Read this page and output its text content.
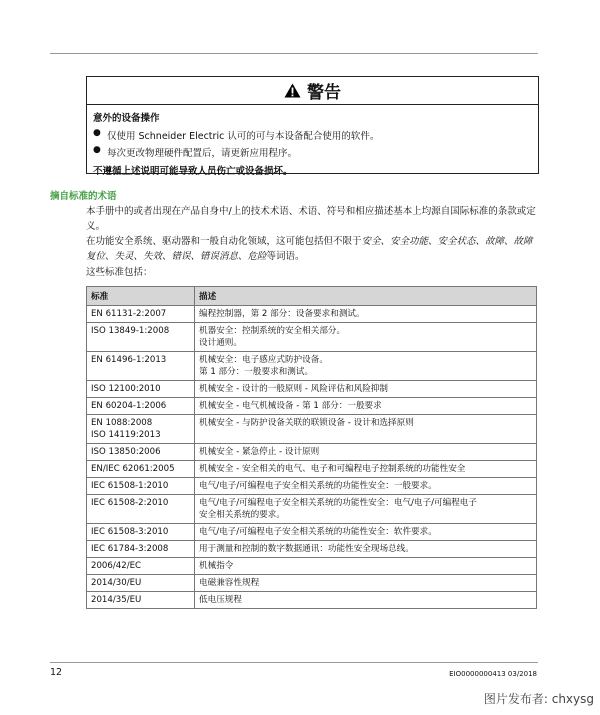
警告
意外的设备操作
● 仅使用 Schneider Electric 认可的可与本设备配合使用的软件。
● 每次更改物理硬件配置后，请更新应用程序。
不遵循上述说明可能导致人员伤亡或设备损坏。
摘自标准的术语
本手册中的或者出现在产品自身中/上的技术术语、术语、符号和相应描述基本上均源自国际标准的条款或定义。
在功能安全系统、驱动器和一般自动化领域，这可能包括但不限于安全、安全功能、安全状态、故障、故障复位、失灵、失效、错误、错误消息、危险等词语。
这些标准包括：
标准	描述
EN 61131-2:2007	编程控制器，第 2 部分：设备要求和测试。
ISO 13849-1:2008	机器安全：控制系统的安全相关部分。
设计通则。
EN 61496-1:2013	机械安全：电子感应式防护设备。
第 1 部分：一般要求和测试。
ISO 12100:2010	机械安全 - 设计的一般原则 - 风险评估和风险抑制
EN 60204-1:2006	机械安全 - 电气机械设备 - 第 1 部分：一般要求
EN 1088:2008
ISO 14119:2013	机械安全 - 与防护设备关联的联锁设备 - 设计和选择原则
ISO 13850:2006	机械安全 - 紧急停止 - 设计原则
EN/IEC 62061:2005	机械安全 - 安全相关的电气、电子和可编程电子控制系统的功能性安全
IEC 61508-1:2010	电气/电子/可编程电子安全相关系统的功能性安全：一般要求。
IEC 61508-2:2010	电气/电子/可编程电子安全相关系统的功能性安全：电气/电子/可编程电子
安全相关系统的要求。
IEC 61508-3:2010	电气/电子/可编程电子安全相关系统的功能性安全：软件要求。
IEC 61784-3:2008	用于测量和控制的数字数据通讯：功能性安全现场总线。
2006/42/EC	机械指令
2014/30/EU	电磁兼容性规程
2014/35/EU	低电压规程
12	EIO0000000413 03/2018
图片发布者: chxysg
